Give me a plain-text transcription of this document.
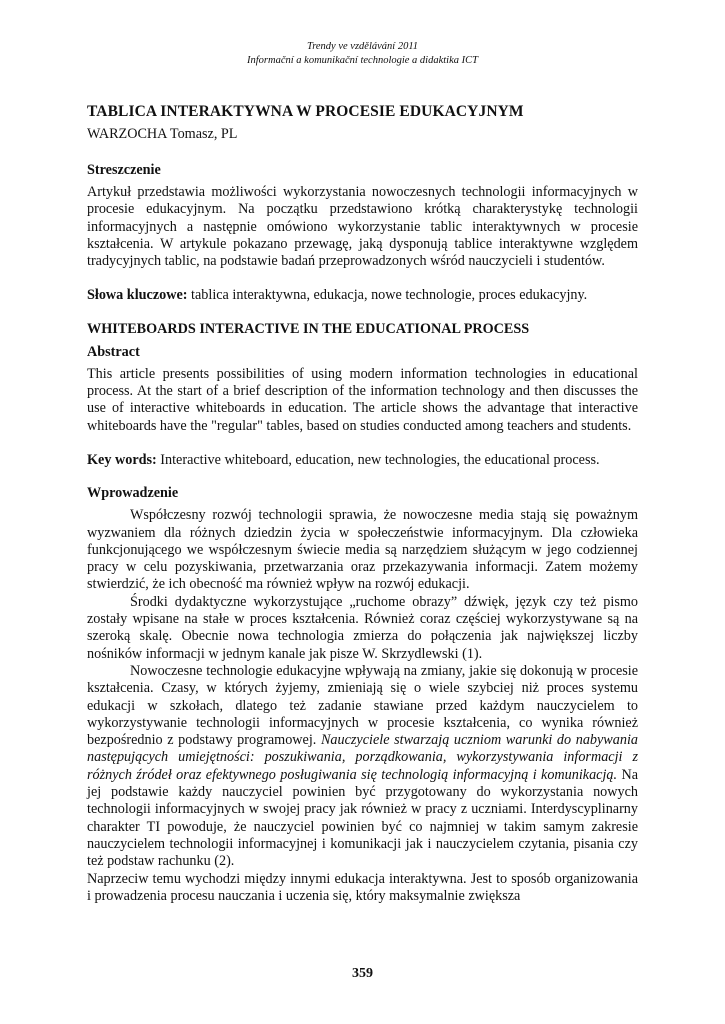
Trendy ve vzdělávání 2011
Informační a komunikační technologie a didaktika ICT
TABLICA INTERAKTYWNA W PROCESIE EDUKACYJNYM
WARZOCHA Tomasz, PL
Streszczenie

Artykuł przedstawia możliwości wykorzystania nowoczesnych technologii informacyjnych w procesie edukacyjnym. Na początku przedstawiono krótką charakterystykę technologii informacyjnych a następnie omówiono wykorzystanie tablic interaktywnych w procesie kształcenia. W artykule pokazano przewagę, jaką dysponują tablice interaktywne względem tradycyjnych tablic, na podstawie badań przeprowadzonych wśród nauczycieli i studentów.

Słowa kluczowe: tablica interaktywna, edukacja, nowe technologie, proces edukacyjny.

WHITEBOARDS INTERACTIVE IN THE EDUCATIONAL PROCESS
Abstract

This article presents possibilities of using modern information technologies in educational process. At the start of a brief description of the information technology and then discusses the use of interactive whiteboards in education. The article shows the advantage that interactive whiteboards have the "regular" tables, based on studies conducted among teachers and students.

Key words: Interactive whiteboard, education, new technologies, the educational process.

Wprowadzenie

Współczesny rozwój technologii sprawia, że nowoczesne media stają się poważnym wyzwaniem dla różnych dziedzin życia w społeczeństwie informacyjnym. Dla człowieka funkcjonującego we współczesnym świecie media są narzędziem służącym w jego codziennej pracy w celu pozyskiwania, przetwarzania oraz przekazywania informacji. Zatem możemy stwierdzić, że ich obecność ma również wpływ na rozwój edukacji.

Środki dydaktyczne wykorzystujące „ruchome obrazy” dźwięk, język czy też pismo zostały wpisane na stałe w proces kształcenia. Również coraz częściej wykorzystywane są na szeroką skalę. Obecnie nowa technologia zmierza do połączenia jak największej liczby nośników informacji w jednym kanale jak pisze W. Skrzydlewski (1).

Nowoczesne technologie edukacyjne wpływają na zmiany, jakie się dokonują w procesie kształcenia. Czasy, w których żyjemy, zmieniają się o wiele szybciej niż proces systemu edukacji w szkołach, dlatego też zadanie stawiane przed każdym nauczycielem to wykorzystywanie technologii informacyjnych w procesie kształcenia, co wynika również bezpośrednio z podstawy programowej. Nauczyciele stwarzają uczniom warunki do nabywania następujących umiejętności: poszukiwania, porządkowania, wykorzystywania informacji z różnych źródeł oraz efektywnego posługiwania się technologią informacyjną i komunikacją. Na jej podstawie każdy nauczyciel powinien być przygotowany do wykorzystania nowych technologii informacyjnych w swojej pracy jak również w pracy z uczniami. Interdyscyplinarny charakter TI powoduje, że nauczyciel powinien być co najmniej w takim samym zakresie nauczycielem technologii informacyjnej i komunikacji jak i nauczycielem czytania, pisania czy też podstaw rachunku (2).

Naprzeciw temu wychodzi między innymi edukacja interaktywna. Jest to sposób organizowania i prowadzenia procesu nauczania i uczenia się, który maksymalnie zwiększa

359
